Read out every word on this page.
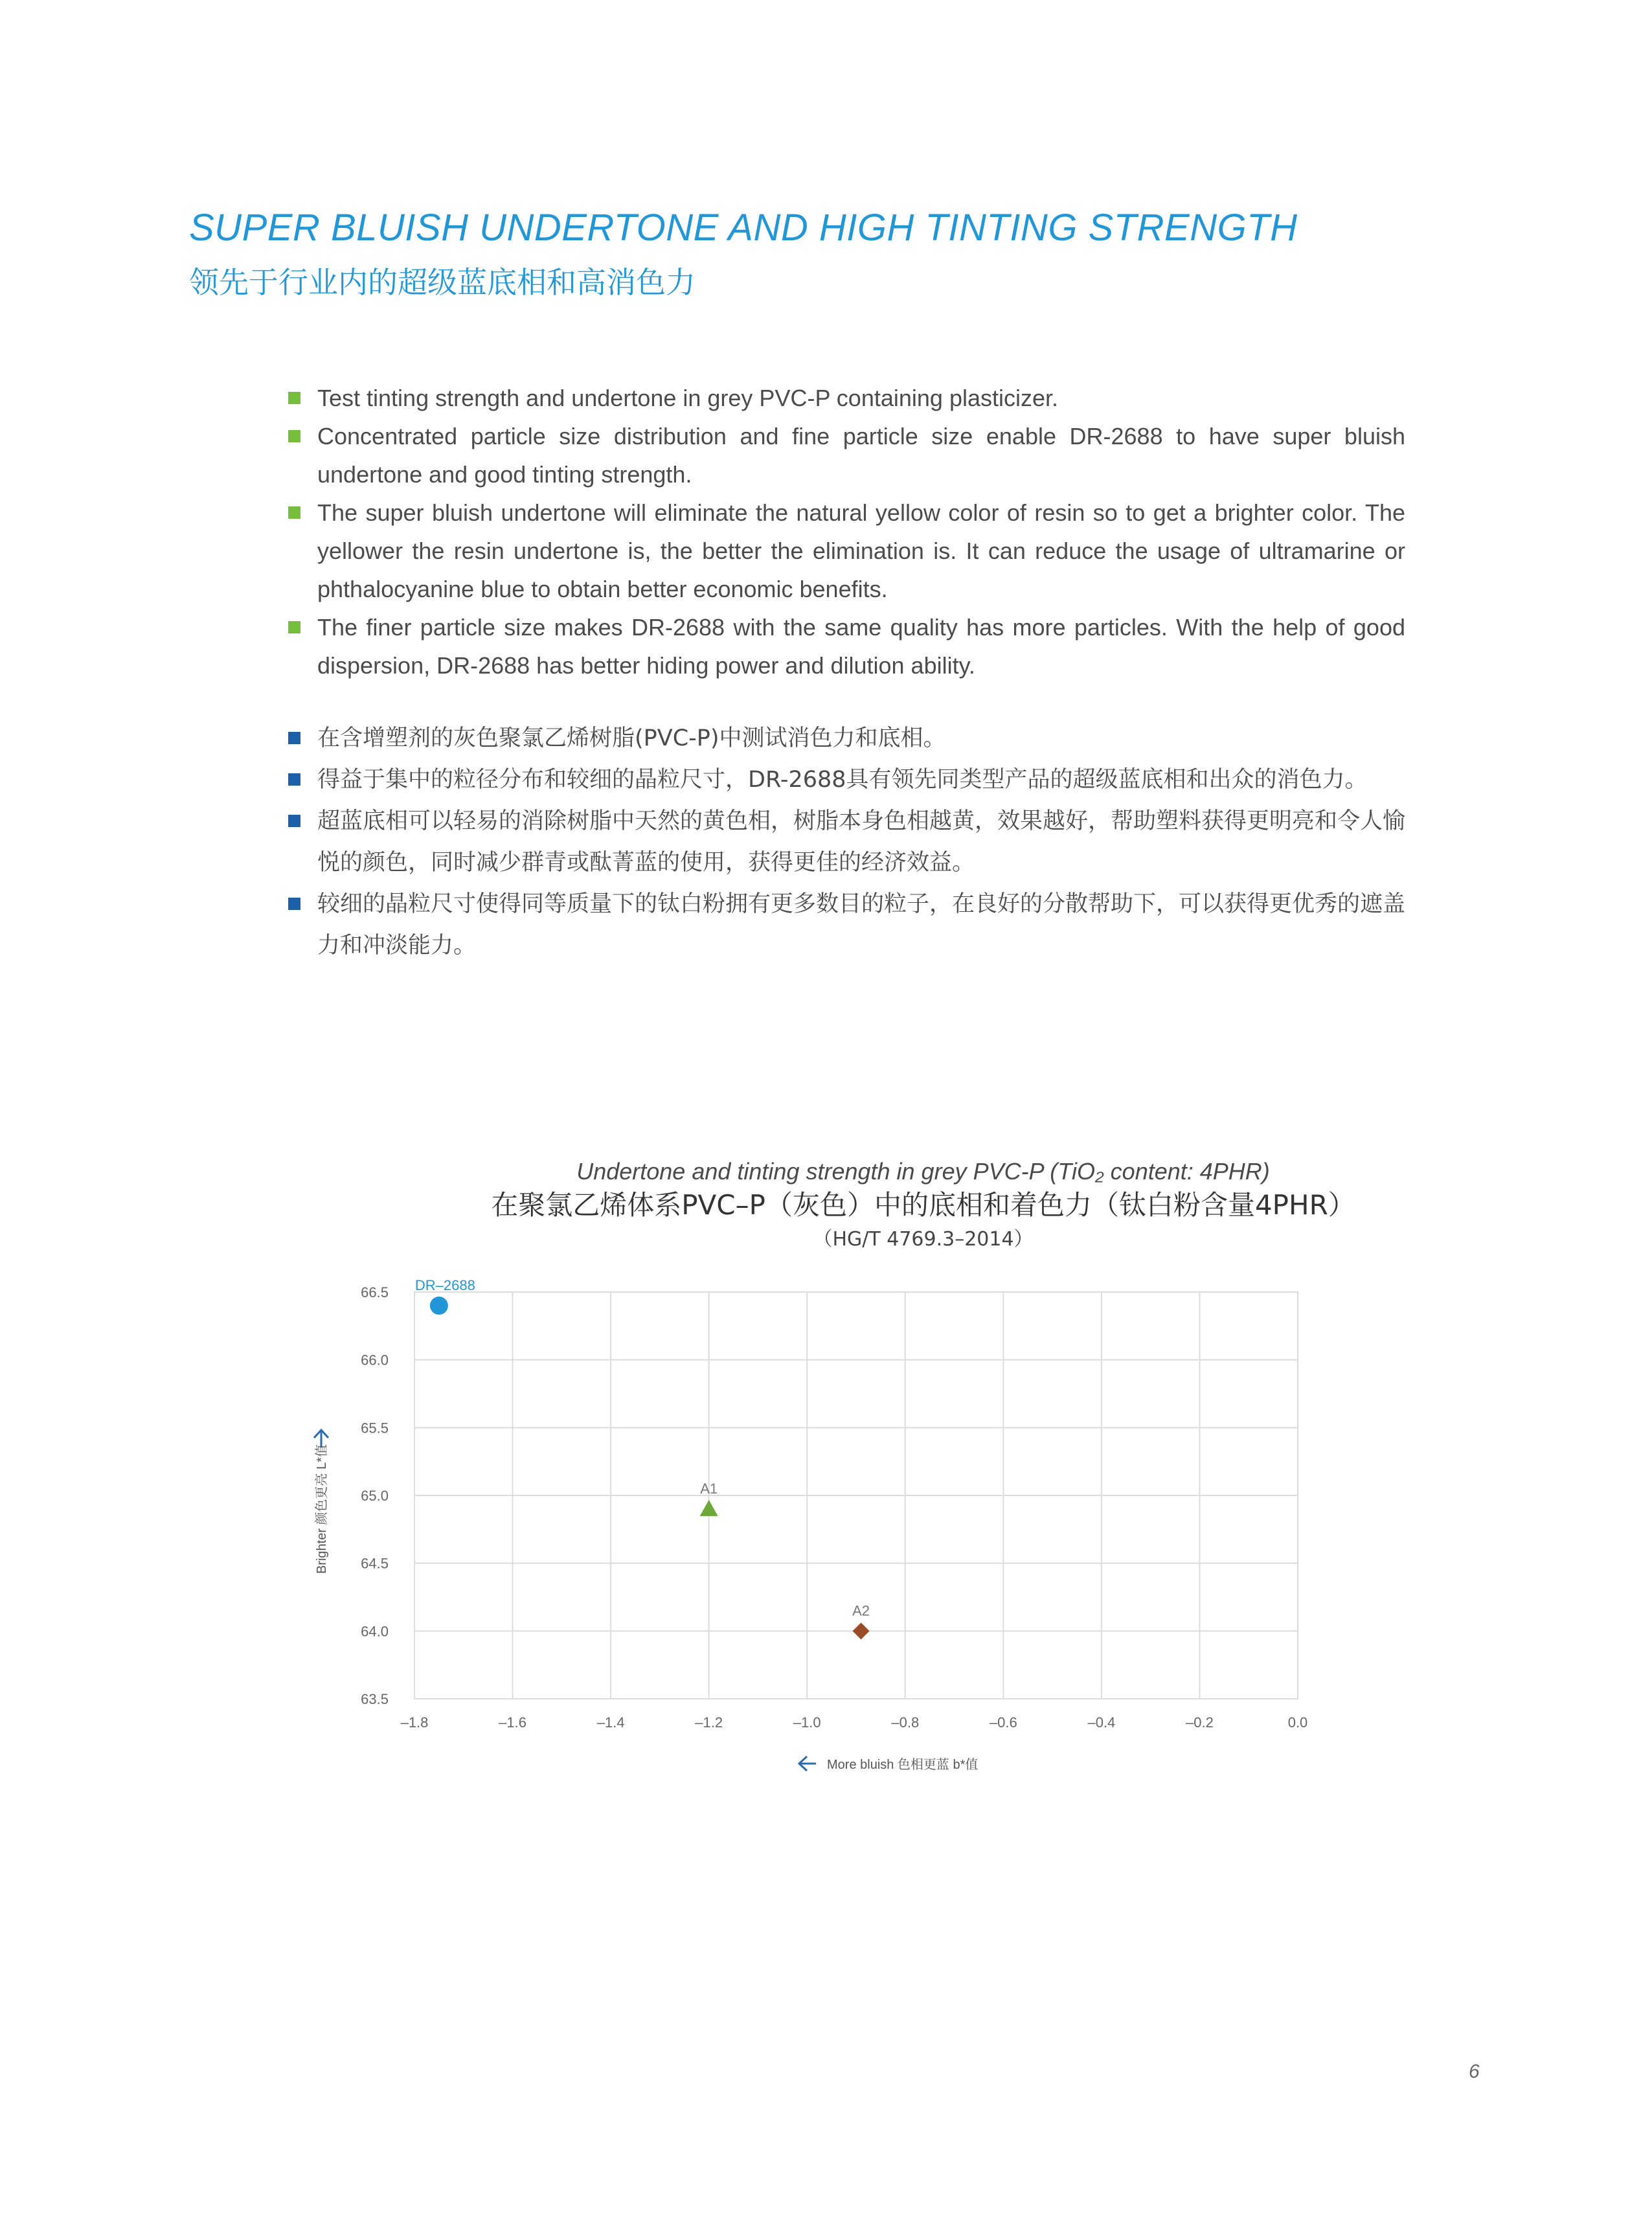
SUPER BLUISH UNDERTONE AND HIGH TINTING STRENGTH
领先于行业内的超级蓝底相和高消色力
Test tinting strength and undertone in grey PVC-P containing plasticizer.
Concentrated particle size distribution and fine particle size enable DR-2688 to have super bluish undertone and good tinting strength.
The super bluish undertone will eliminate the natural yellow color of resin so to get a brighter color. The yellower the resin undertone is, the better the elimination is. It can reduce the usage of ultramarine or phthalocyanine blue to obtain better economic benefits.
The finer particle size makes DR-2688 with the same quality has more particles. With the help of good dispersion, DR-2688 has better hiding power and dilution ability.
在含增塑剂的灰色聚氯乙烯树脂(PVC-P)中测试消色力和底相。
得益于集中的粒径分布和较细的晶粒尺寸，DR-2688具有领先同类型产品的超级蓝底相和出众的消色力。
超蓝底相可以轻易的消除树脂中天然的黄色相，树脂本身色相越黄，效果越好，帮助塑料获得更明亮和令人愉悦的颜色，同时减少群青或酞菁蓝的使用，获得更佳的经济效益。
较细的晶粒尺寸使得同等质量下的钛白粉拥有更多数目的粒子，在良好的分散帮助下，可以获得更优秀的遮盖力和冲淡能力。
Undertone and tinting strength in grey PVC-P (TiO₂ content: 4PHR)
在聚氯乙烯体系PVC–P（灰色）中的底相和着色力（钛白粉含量4PHR）
（HG/T 4769.3–2014）
–1.8	–1.6	–1.4	–1.2	–1.0	–0.8	–0.6	–0.4	–0.2	0.0
66.5
66.0
65.5
65.0
64.5
64.0
63.5
More bluish 色相更蓝 b*值
Brighter 颜色更亮 L*值
DR–2688
A1
A2
6
